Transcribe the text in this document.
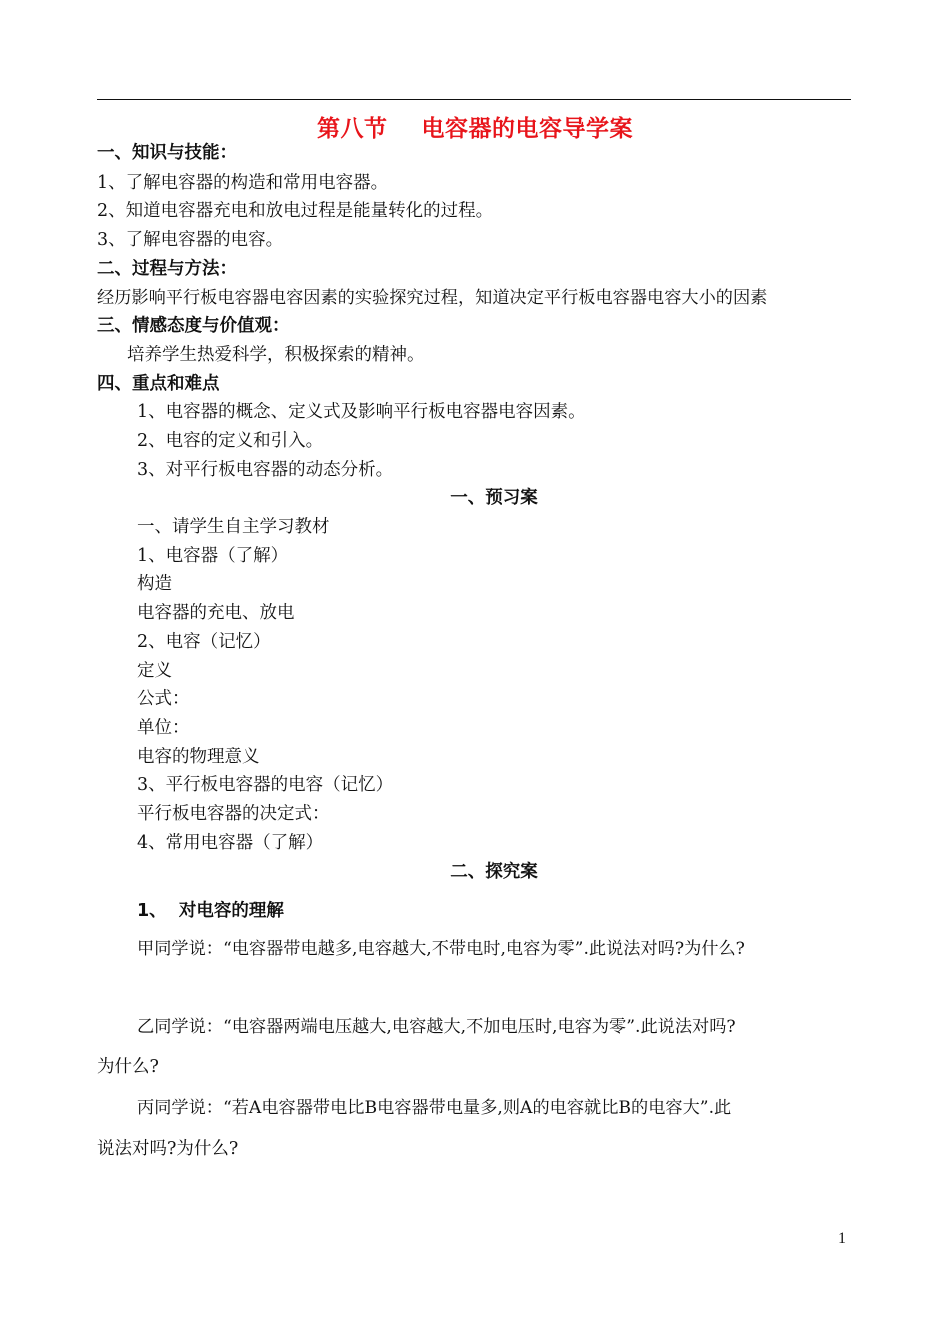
第八节    电容器的电容导学案
一、知识与技能：
1、了解电容器的构造和常用电容器。
2、知道电容器充电和放电过程是能量转化的过程。
3、了解电容器的电容。
二、过程与方法：
经历影响平行板电容器电容因素的实验探究过程，知道决定平行板电容器电容大小的因素
三、情感态度与价值观：
培养学生热爱科学，积极探索的精神。
四、重点和难点
1、电容器的概念、定义式及影响平行板电容器电容因素。
2、电容的定义和引入。
3、对平行板电容器的动态分析。
一、预习案
一、请学生自主学习教材
1、电容器（了解）
构造
电容器的充电、放电
2、电容（记忆）
定义
公式：
单位：
电容的物理意义
3、平行板电容器的电容（记忆）
平行板电容器的决定式：
4、常用电容器（了解）
二、探究案
1、  对电容的理解
甲同学说：“电容器带电越多,电容越大,不带电时,电容为零”.此说法对吗?为什么?
乙同学说：“电容器两端电压越大,电容越大,不加电压时,电容为零”.此说法对吗?
为什么?
丙同学说：“若A电容器带电比B电容器带电量多,则A的电容就比B的电容大”.此
说法对吗?为什么?
1
